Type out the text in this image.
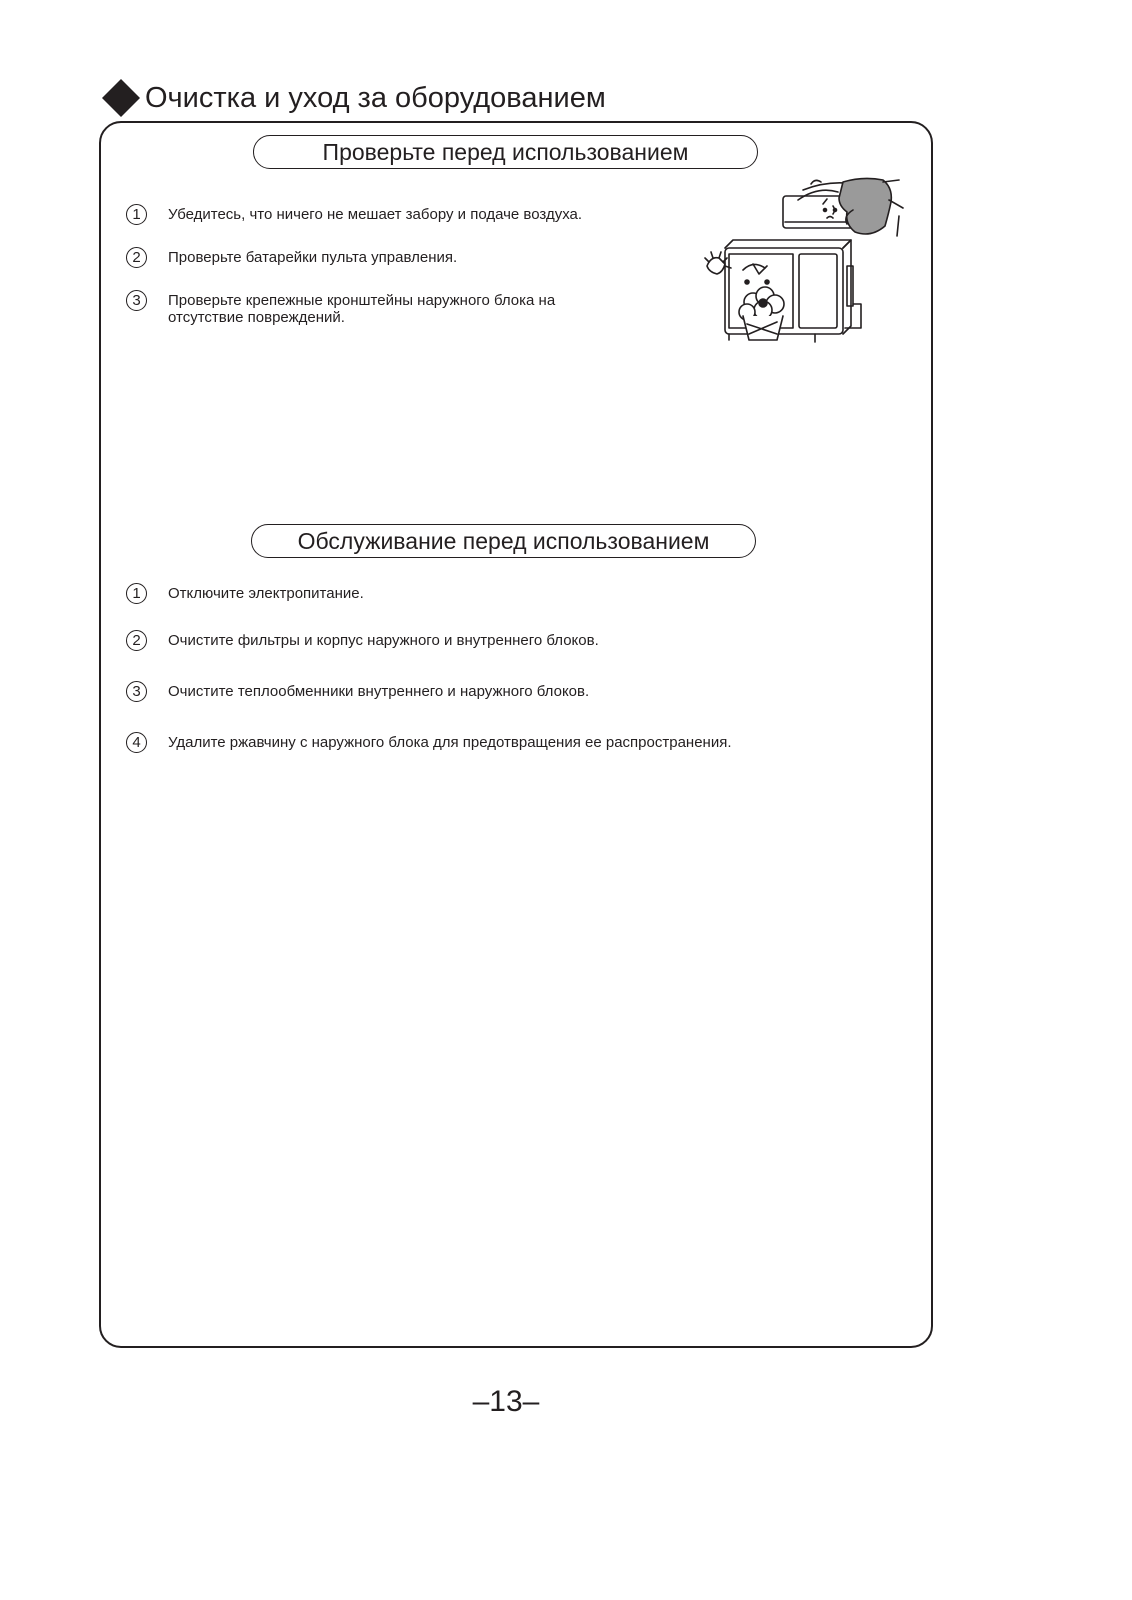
Очистка и уход за оборудованием
Проверьте перед использованием
1	Убедитесь, что ничего не мешает забору и подаче воздуха.
2	Проверьте батарейки пульта управления.
3	Проверьте крепежные кронштейны наружного блока на
отсутствие повреждений.
Обслуживание перед использованием
1	Отключите электропитание.
2	Очистите фильтры и корпус наружного и внутреннего блоков.
3	Очистите теплообменники внутреннего и наружного блоков.
4	Удалите ржавчину с наружного блока для предотвращения ее распространения.
–13–
